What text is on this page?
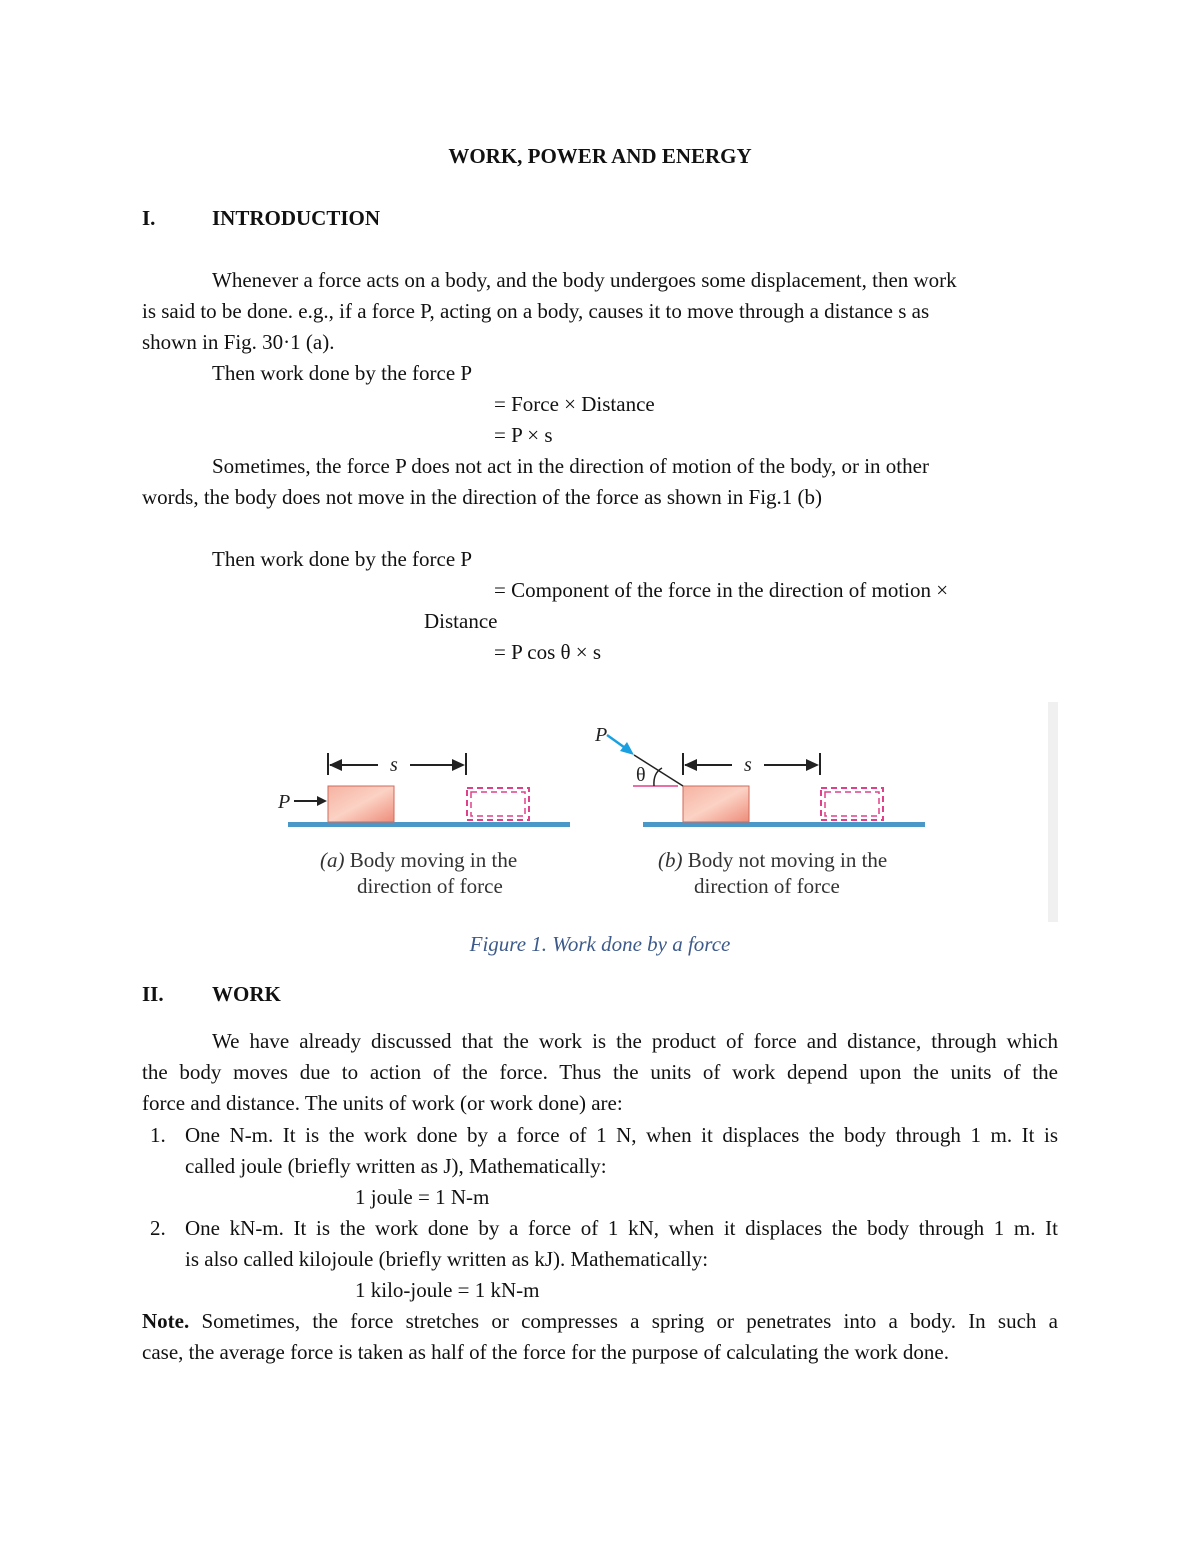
WORK, POWER AND ENERGY
I.	INTRODUCTION
Whenever a force acts on a body, and the body undergoes some displacement, then work
is said to be done. e.g., if a force P, acting on a body, causes it to move through a distance s as
shown in Fig. 30·1 (a).
Then work done by the force P
= Force × Distance
= P × s
Sometimes, the force P does not act in the direction of motion of the body, or in other
words, the body does not move in the direction of the force as shown in Fig.1 (b)
Then work done by the force P
= Component of the force in the direction of motion ×
Distance
= P cos θ × s
P
s
(a) Body moving in the
direction of force
P
θ	s
(b) Body not moving in the
direction of force
Figure 1. Work done by a force
II. WORK
We have already discussed that the work is the product of force and distance, through which
the body moves due to action of the force. Thus the units of work depend upon the units of the
force and distance. The units of work (or work done) are:
1. One N-m. It is the work done by a force of 1 N, when it displaces the body through 1 m. It is
called joule (briefly written as J), Mathematically:
1 joule = 1 N-m
2. One kN-m. It is the work done by a force of 1 kN, when it displaces the body through 1 m. It
is also called kilojoule (briefly written as kJ). Mathematically:
1 kilo-joule = 1 kN-m
Note. Sometimes, the force stretches or compresses a spring or penetrates into a body. In such a
case, the average force is taken as half of the force for the purpose of calculating the work done.
